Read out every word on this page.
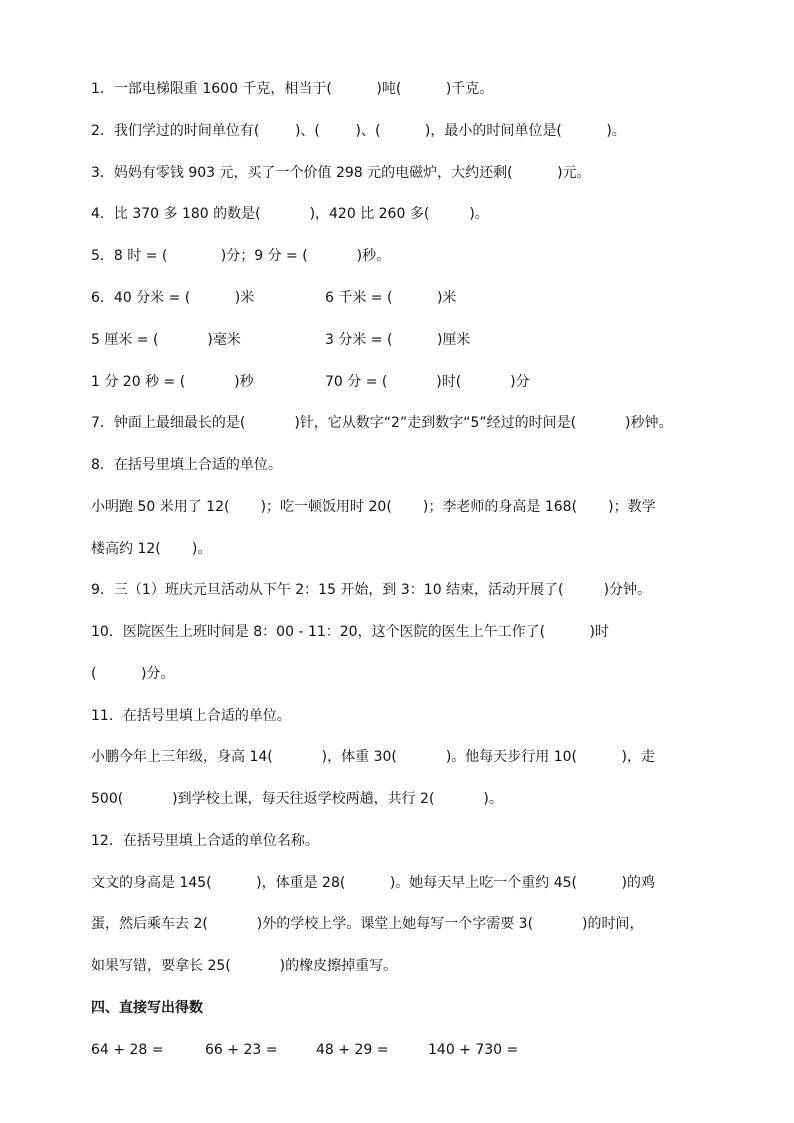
1．一部电梯限重 1600 千克，相当于(          )吨(          )千克。
2．我们学过的时间单位有(        )、(        )、(          )，最小的时间单位是(          )。
3．妈妈有零钱 903 元，买了一个价值 298 元的电磁炉，大约还剩(          )元。
4．比 370 多 180 的数是(           )，420 比 260 多(         )。
5．8 时 = (            )分；9 分 = (           )秒。
6．40 分米 = (          )米	6 千米 = (          )米
5 厘米 = (           )毫米	3 分米 = (          )厘米
1 分 20 秒 = (           )秒	70 分 = (           )时(           )分
7．钟面上最细最长的是(           )针，它从数字“2”走到数字“5”经过的时间是(           )秒钟。
8．在括号里填上合适的单位。
小明跑 50 米用了 12(       )；吃一顿饭用时 20(       )；李老师的身高是 168(       )；教学
楼高约 12(       )。
9．三（1）班庆元旦活动从下午 2：15 开始，到 3：10 结束，活动开展了(         )分钟。
10．医院医生上班时间是 8：00 - 11：20，这个医院的医生上午工作了(          )时
(          )分。
11．在括号里填上合适的单位。
小鹏今年上三年级，身高 14(           )，体重 30(           )。他每天步行用 10(          )，走
500(           )到学校上课，每天往返学校两趟，共行 2(           )。
12．在括号里填上合适的单位名称。
文文的身高是 145(          )，体重是 28(          )。她每天早上吃一个重约 45(          )的鸡
蛋，然后乘车去 2(           )外的学校上学。课堂上她每写一个字需要 3(           )的时间，
如果写错，要拿长 25(           )的橡皮擦掉重写。
四、直接写出得数
64 + 28 =	66 + 23 =	48 + 29 =	140 + 730 =
